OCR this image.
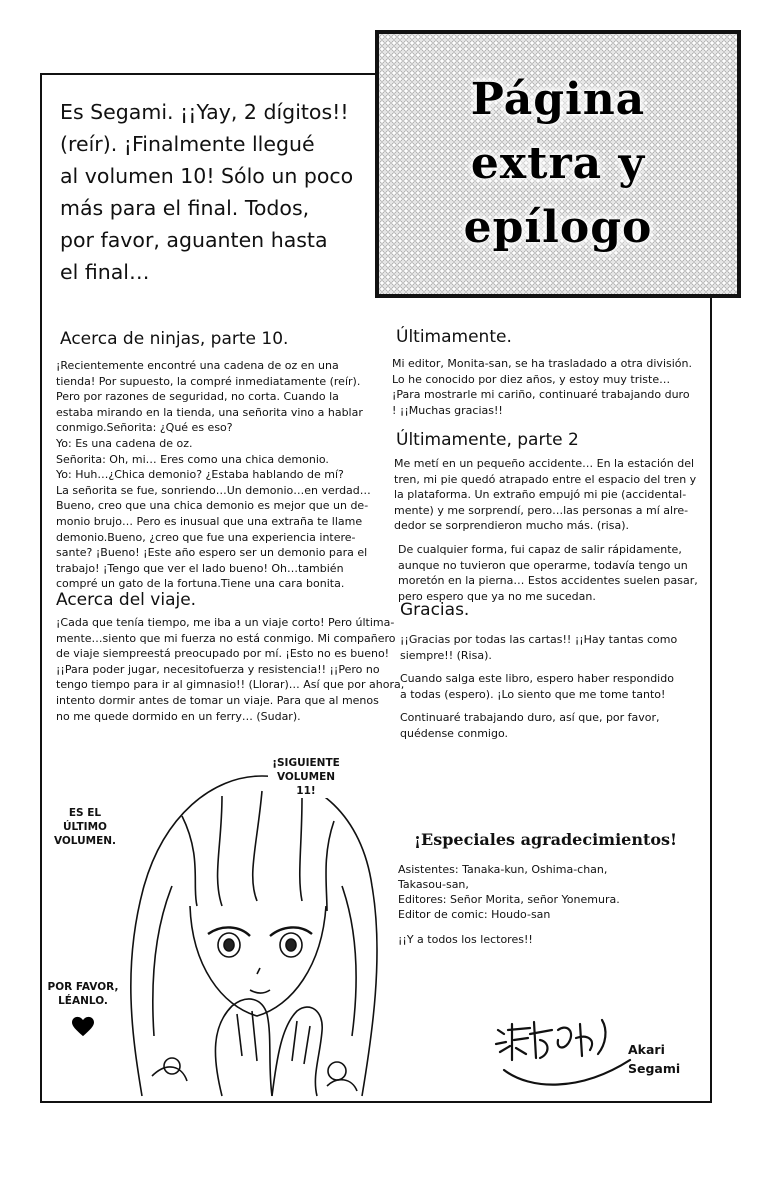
Página
extra y
epílogo
Es Segami. ¡¡Yay, 2 dígitos!!
(reír). ¡Finalmente llegué
al volumen 10! Sólo un poco
más para el final. Todos,
por favor, aguanten hasta
el final…
Acerca de ninjas, parte 10.
¡Recientemente encontré una cadena de oz en una
tienda! Por supuesto, la compré inmediatamente (reír).
Pero por razones de seguridad, no corta. Cuando la
estaba mirando en la tienda, una señorita vino a hablar
conmigo.Señorita: ¿Qué es eso?
Yo: Es una cadena de oz.
Señorita: Oh, mi… Eres como una chica demonio.
Yo: Huh…¿Chica demonio? ¿Estaba hablando de mí?
La señorita se fue, sonriendo…Un demonio…en verdad…
Bueno, creo que una chica demonio es mejor que un de-
monio brujo… Pero es inusual que una extraña te llame
demonio.Bueno, ¿creo que fue una experiencia intere-
sante? ¡Bueno! ¡Este año espero ser un demonio para el
trabajo! ¡Tengo que ver el lado bueno! Oh…también
compré un gato de la fortuna.Tiene una cara bonita.
Acerca del viaje.
¡Cada que tenía tiempo, me iba a un viaje corto! Pero última-
mente…siento que mi fuerza no está conmigo. Mi compañero
de viaje siempreestá preocupado por mí. ¡Esto no es bueno!
¡¡Para poder jugar, necesitofuerza y resistencia!! ¡¡Pero no
tengo tiempo para ir al gimnasio!! (Llorar)… Así que por ahora,
intento dormir antes de tomar un viaje. Para que al menos
no me quede dormido en un ferry… (Sudar).
Últimamente.
Mi editor, Monita-san, se ha trasladado a otra división.
Lo he conocido por diez años, y estoy muy triste…
¡Para mostrarle mi cariño, continuaré trabajando duro
! ¡¡Muchas gracias!!
Últimamente, parte 2
Me metí en un pequeño accidente… En la estación del
tren, mi pie quedó atrapado entre el espacio del tren y
la plataforma. Un extraño empujó mi pie (accidental-
mente) y me sorprendí, pero…las personas a mí alre-
dedor se sorprendieron mucho más. (risa).
De cualquier forma, fui capaz de salir rápidamente,
aunque no tuvieron que operarme, todavía tengo un
moretón en la pierna… Estos accidentes suelen pasar,
pero espero que ya no me sucedan.
Gracias.
¡¡Gracias por todas las cartas!! ¡¡Hay tantas como
siempre!! (Risa).
Cuando salga este libro, espero haber respondido
a todas (espero). ¡Lo siento que me tome tanto!
Continuaré trabajando duro, así que, por favor,
quédense conmigo.
¡SIGUIENTE
VOLUMEN 11!
ES EL
ÚLTIMO
VOLUMEN.
POR FAVOR,
LÉANLO.
¡Especiales agradecimientos!
Asistentes: Tanaka-kun, Oshima-chan,
Takasou-san,
Editores: Señor Morita, señor Yonemura.
Editor de comic: Houdo-san
¡¡Y a todos los lectores!!
Akari
Segami
